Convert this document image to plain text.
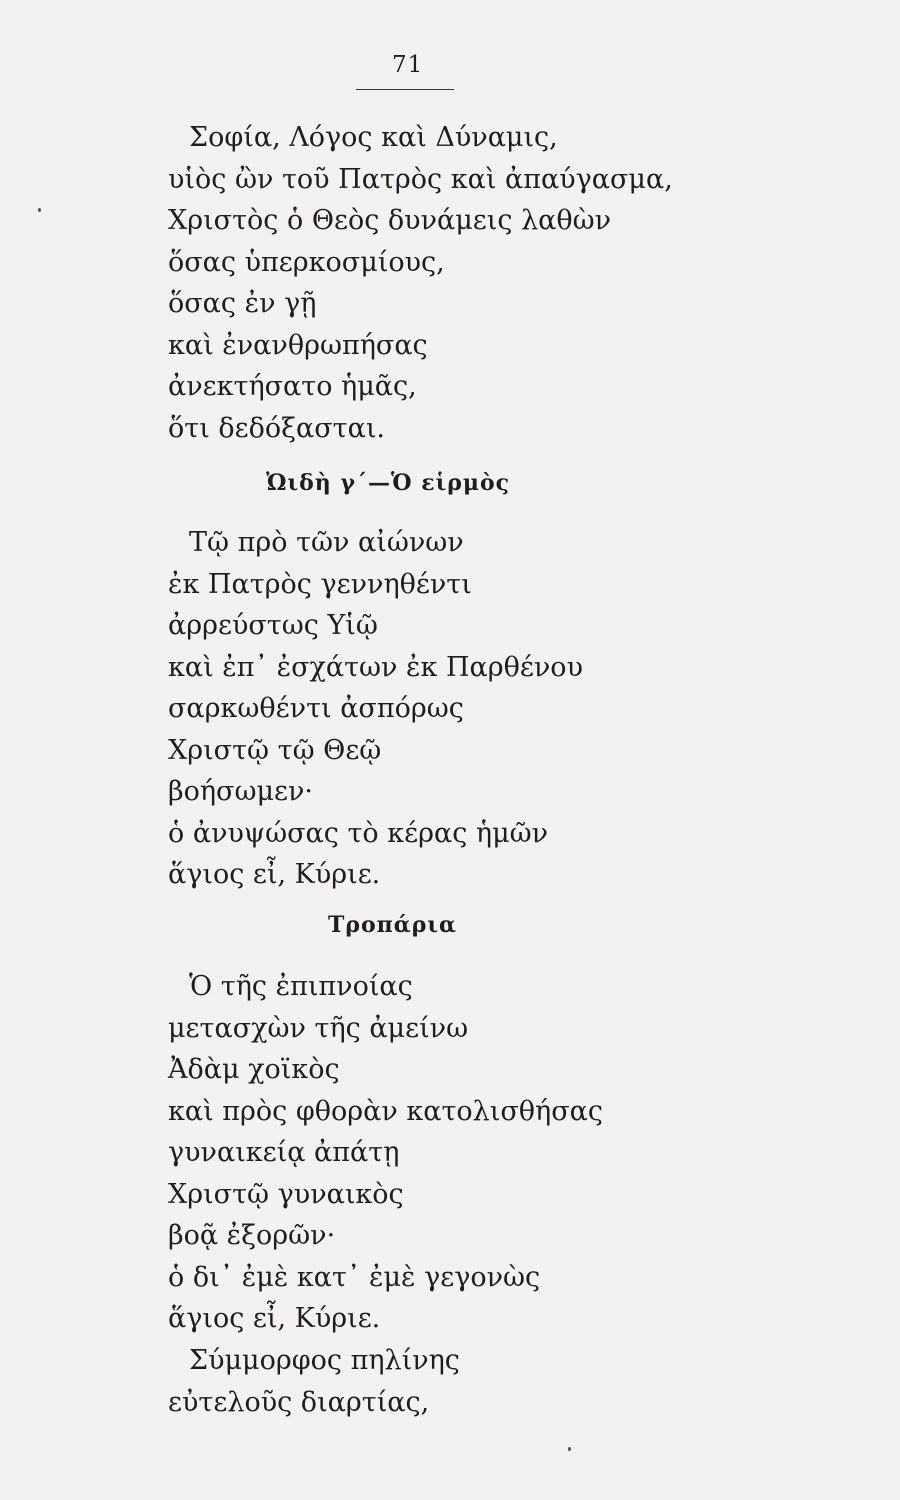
71
Σοφία, Λόγος καὶ Δύναμις,
υἱὸς ὢν τοῦ Πατρὸς καὶ ἀπαύγασμα,
Χριστὸς ὁ Θεὸς δυνάμεις λαθὼν
ὅσας ὑπερκοσμίους,
ὅσας ἐν γῇ
καὶ ἐνανθρωπήσας
ἀνεκτήσατο ἡμᾶς,
ὅτι δεδόξασται.
Ὠιδὴ γ΄—Ὁ εἱρμὸς
Τῷ πρὸ τῶν αἰώνων
ἐκ Πατρὸς γεννηθέντι
ἀρρεύστως Υἱῷ
καὶ ἐπ᾿ ἐσχάτων ἐκ Παρθένου
σαρκωθέντι ἀσπόρως
Χριστῷ τῷ Θεῷ
βοήσωμεν·
ὁ ἀνυψώσας τὸ κέρας ἡμῶν
ἅγιος εἶ, Κύριε.
Τροπάρια
Ὁ τῆς ἐπιπνοίας
μετασχὼν τῆς ἀμείνω
Ἀδὰμ χοϊκὸς
καὶ πρὸς φθορὰν κατολισθήσας
γυναικείᾳ ἀπάτῃ
Χριστῷ γυναικὸς
βοᾷ ἐξορῶν·
ὁ δι᾿ ἐμὲ κατ᾿ ἐμὲ γεγονὼς
ἅγιος εἶ, Κύριε.
Σύμμορφος πηλίνης
εὐτελοῦς διαρτίας,
